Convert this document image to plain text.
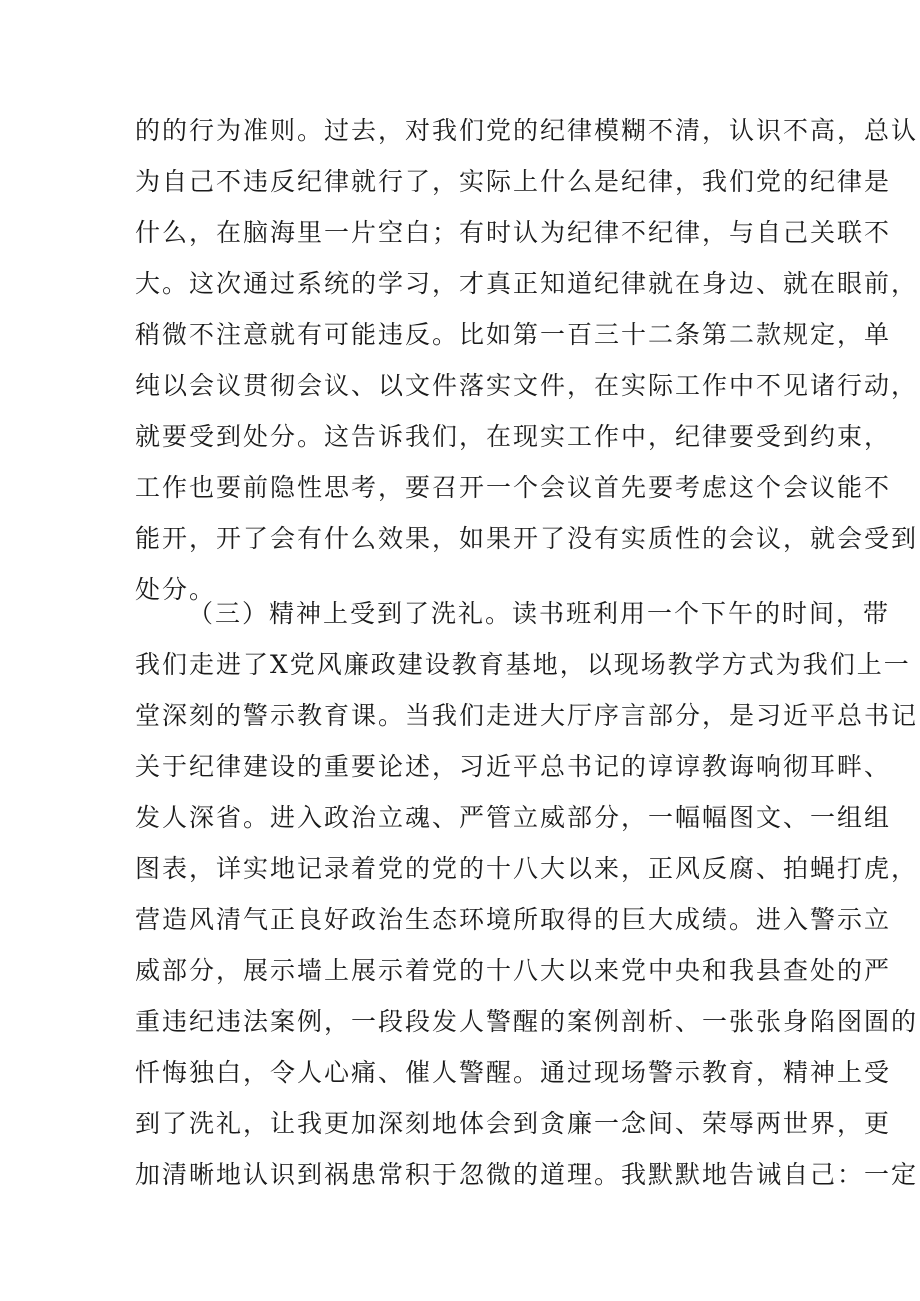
的的行为准则。过去，对我们党的纪律模糊不清，认识不高，总认
为自己不违反纪律就行了，实际上什么是纪律，我们党的纪律是
什么，在脑海里一片空白；有时认为纪律不纪律，与自己关联不
大。这次通过系统的学习，才真正知道纪律就在身边、就在眼前，
稍微不注意就有可能违反。比如第一百三十二条第二款规定，单
纯以会议贯彻会议、以文件落实文件，在实际工作中不见诸行动，
就要受到处分。这告诉我们，在现实工作中，纪律要受到约束，
工作也要前隐性思考，要召开一个会议首先要考虑这个会议能不
能开，开了会有什么效果，如果开了没有实质性的会议，就会受到
处分。
（三）精神上受到了洗礼。读书班利用一个下午的时间，带
我们走进了X党风廉政建设教育基地，以现场教学方式为我们上一
堂深刻的警示教育课。当我们走进大厅序言部分，是习近平总书记
关于纪律建设的重要论述，习近平总书记的谆谆教诲响彻耳畔、
发人深省。进入政治立魂、严管立威部分，一幅幅图文、一组组
图表，详实地记录着党的党的十八大以来，正风反腐、拍蝇打虎，
营造风清气正良好政治生态环境所取得的巨大成绩。进入警示立
威部分，展示墙上展示着党的十八大以来党中央和我县查处的严
重违纪违法案例，一段段发人警醒的案例剖析、一张张身陷囹圄的
忏悔独白，令人心痛、催人警醒。通过现场警示教育，精神上受
到了洗礼，让我更加深刻地体会到贪廉一念间、荣辱两世界，更
加清晰地认识到祸患常积于忽微的道理。我默默地告诫自己：一定
